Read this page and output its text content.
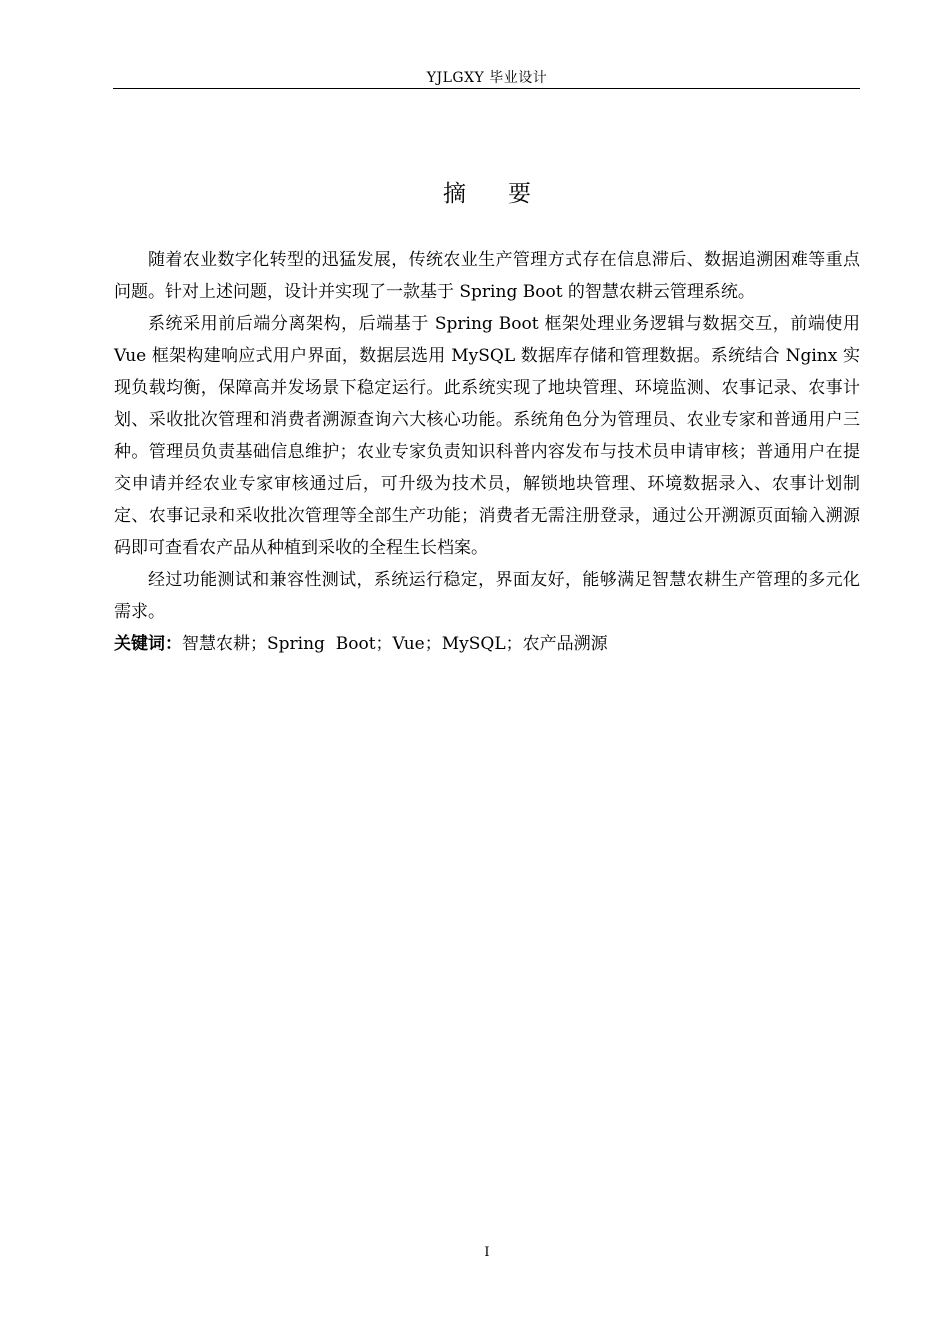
YJLGXY 毕业设计
摘 要

随着农业数字化转型的迅猛发展，传统农业生产管理方式存在信息滞后、数据追溯困难等重点问题。针对上述问题，设计并实现了一款基于 Spring Boot 的智慧农耕云管理系统。

系统采用前后端分离架构，后端基于 Spring Boot 框架处理业务逻辑与数据交互，前端使用 Vue 框架构建响应式用户界面，数据层选用 MySQL 数据库存储和管理数据。系统结合 Nginx 实现负载均衡，保障高并发场景下稳定运行。此系统实现了地块管理、环境监测、农事记录、农事计划、采收批次管理和消费者溯源查询六大核心功能。系统角色分为管理员、农业专家和普通用户三种。管理员负责基础信息维护；农业专家负责知识科普内容发布与技术员申请审核；普通用户在提交申请并经农业专家审核通过后，可升级为技术员，解锁地块管理、环境数据录入、农事计划制定、农事记录和采收批次管理等全部生产功能；消费者无需注册登录，通过公开溯源页面输入溯源码即可查看农产品从种植到采收的全程生长档案。

经过功能测试和兼容性测试，系统运行稳定，界面友好，能够满足智慧农耕生产管理的多元化需求。

关键词：智慧农耕；Spring  Boot；Vue；MySQL；农产品溯源

I
